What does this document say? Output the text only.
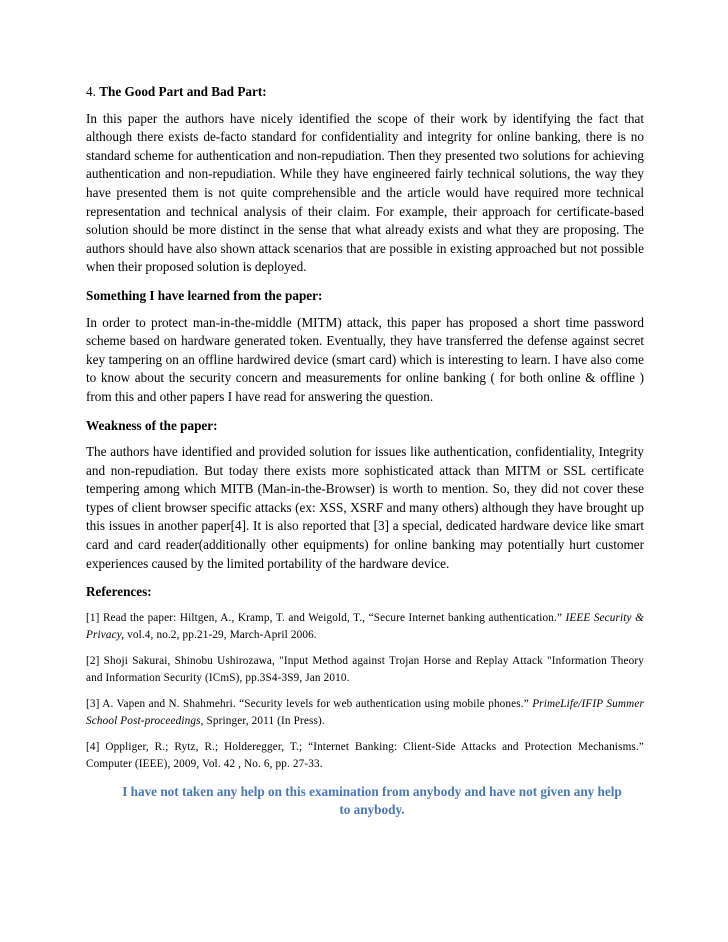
4. The Good Part and Bad Part:

In this paper the authors have nicely identified the scope of their work by identifying the fact that although there exists de-facto standard for confidentiality and integrity for online banking, there is no standard scheme for authentication and non-repudiation. Then they presented two solutions for achieving authentication and non-repudiation. While they have engineered fairly technical solutions, the way they have presented them is not quite comprehensible and the article would have required more technical representation and technical analysis of their claim. For example, their approach for certificate-based solution should be more distinct in the sense that what already exists and what they are proposing. The authors should have also shown attack scenarios that are possible in existing approached but not possible when their proposed solution is deployed.

Something I have learned from the paper:

In order to protect man-in-the-middle (MITM) attack, this paper has proposed a short time password scheme based on hardware generated token. Eventually, they have transferred the defense against secret key tampering on an offline hardwired device (smart card) which is interesting to learn. I have also come to know about the security concern and measurements for online banking ( for both online & offline ) from this and other papers I have read for answering the question.

Weakness of the paper:

The authors have identified and provided solution for issues like authentication, confidentiality, Integrity and non-repudiation. But today there exists more sophisticated attack than MITM or SSL certificate tempering among which MITB (Man-in-the-Browser) is worth to mention. So, they did not cover these types of client browser specific attacks (ex: XSS, XSRF and many others) although they have brought up this issues in another paper[4]. It is also reported that [3] a special, dedicated hardware device like smart card and card reader(additionally other equipments) for online banking may potentially hurt customer experiences caused by the limited portability of the hardware device.

References:
[1] Read the paper: Hiltgen, A., Kramp, T. and Weigold, T., “Secure Internet banking authentication.” IEEE Security & Privacy, vol.4, no.2, pp.21-29, March-April 2006.
[2] Shoji Sakurai, Shinobu Ushirozawa, "Input Method against Trojan Horse and Replay Attack "Information Theory and Information Security (ICmS), pp.3S4-3S9, Jan 2010.
[3] A. Vapen and N. Shahmehri. “Security levels for web authentication using mobile phones.” PrimeLife/IFIP Summer School Post-proceedings, Springer, 2011 (In Press).
[4] Oppliger, R.; Rytz, R.; Holderegger, T.; “Internet Banking: Client-Side Attacks and Protection Mechanisms.” Computer (IEEE), 2009, Vol. 42 , No. 6, pp. 27-33.
I have not taken any help on this examination from anybody and have not given any help to anybody.
